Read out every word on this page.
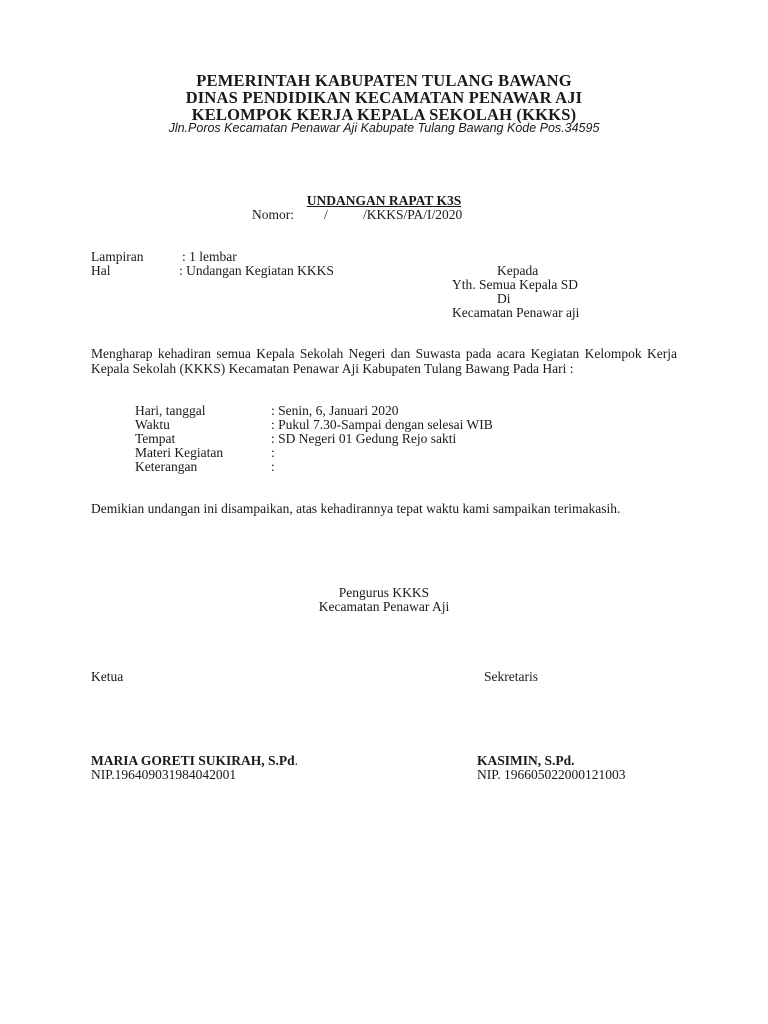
PEMERINTAH KABUPATEN TULANG BAWANG
DINAS PENDIDIKAN KECAMATAN PENAWAR AJI
KELOMPOK KERJA KEPALA SEKOLAH (KKKS)
Jln.Poros Kecamatan Penawar Aji Kabupate Tulang Bawang Kode Pos.34595
UNDANGAN RAPAT K3S
Nomor: /	/KKKS/PA/I/2020
Lampiran	: 1 lembar
Hal	: Undangan Kegiatan KKKS	Kepada
Yth. Semua Kepala SD
Di
Kecamatan Penawar aji
Mengharap kehadiran semua Kepala Sekolah Negeri dan Suwasta pada acara Kegiatan Kelompok Kerja Kepala Sekolah (KKKS) Kecamatan Penawar Aji Kabupaten Tulang Bawang Pada Hari :
Hari, tanggal	: Senin, 6, Januari 2020
Waktu	: Pukul 7.30-Sampai dengan selesai WIB
Tempat	: SD Negeri 01 Gedung Rejo sakti
Materi Kegiatan	:
Keterangan	:
Demikian undangan ini disampaikan, atas kehadirannya tepat waktu kami sampaikan terimakasih.
Pengurus KKKS
Kecamatan Penawar Aji
Ketua	Sekretaris
MARIA GORETI SUKIRAH, S.Pd.
NIP.196409031984042001
KASIMIN, S.Pd.
NIP. 196605022000121003
